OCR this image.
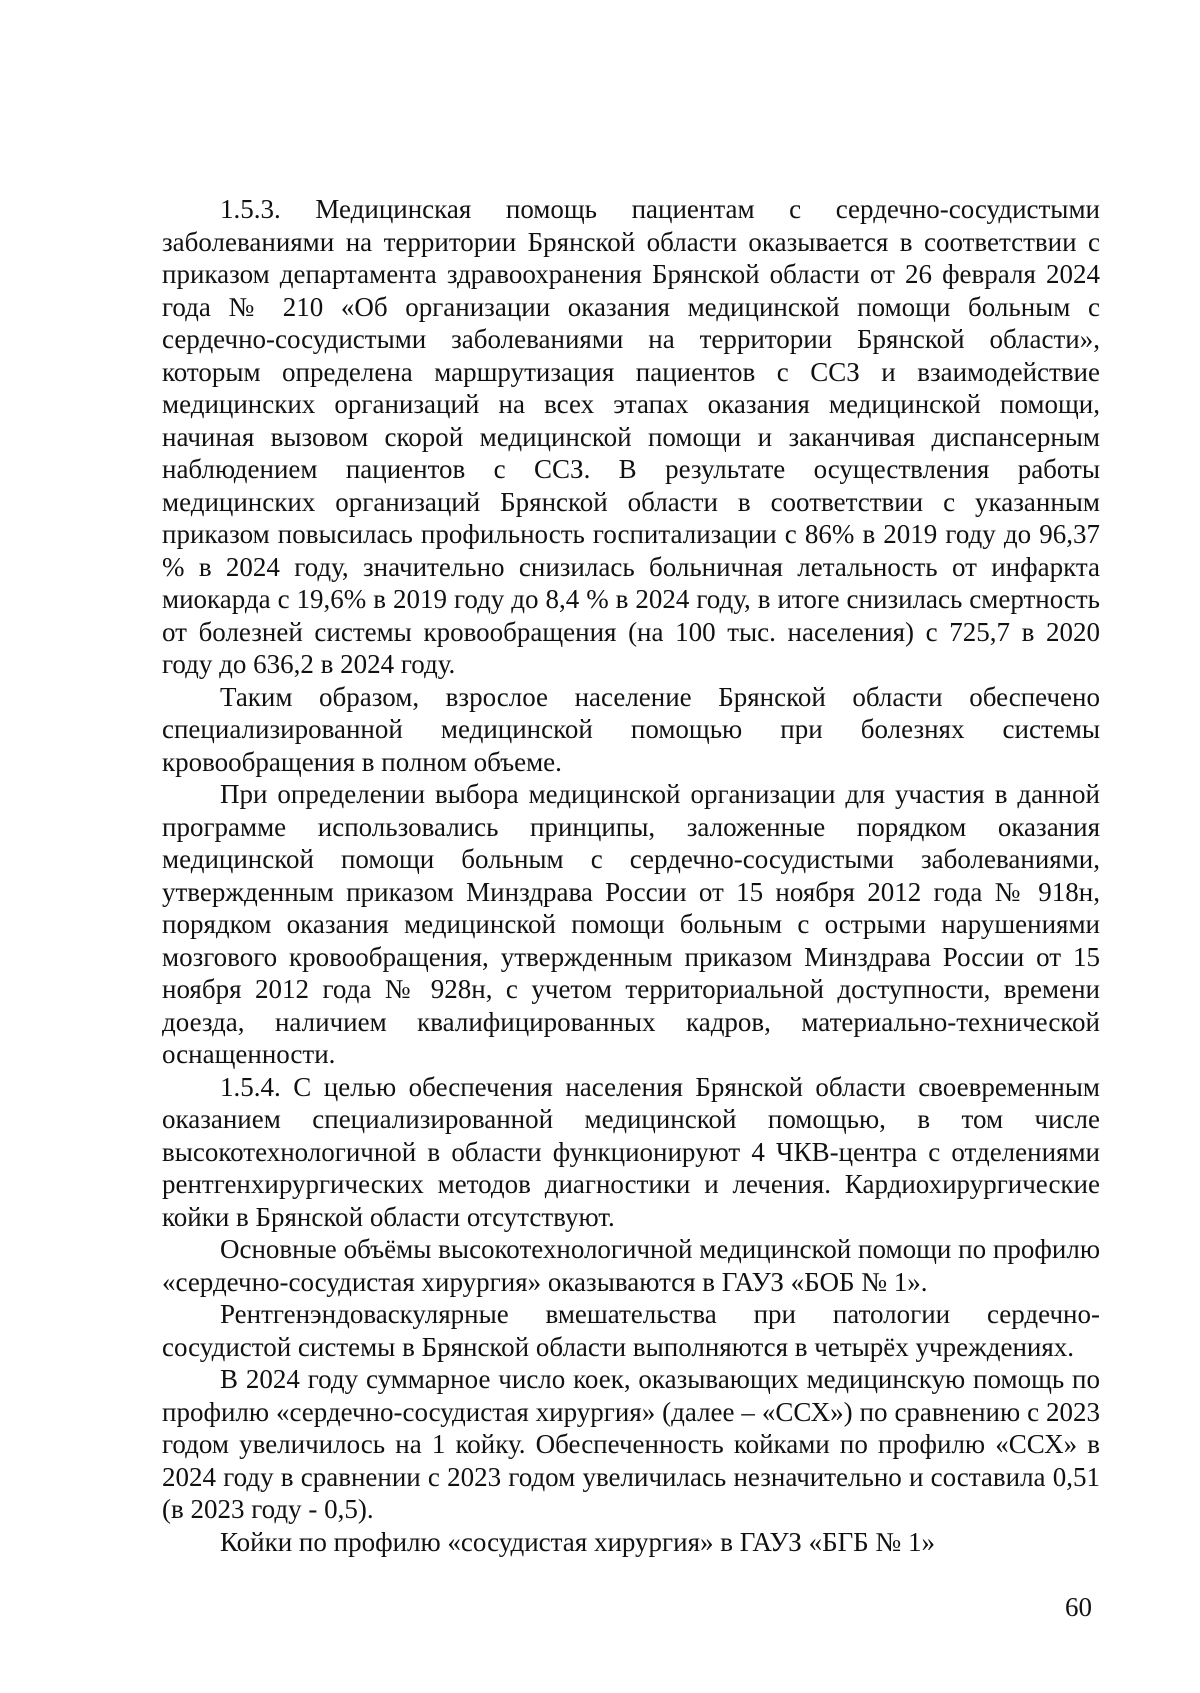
1.5.3. Медицинская помощь пациентам с сердечно-сосудистыми заболеваниями на территории Брянской области оказывается в соответствии с приказом департамента здравоохранения Брянской области от 26 февраля 2024 года № 210 «Об организации оказания медицинской помощи больным с сердечно-сосудистыми заболеваниями на территории Брянской области», которым определена маршрутизация пациентов с ССЗ и взаимодействие медицинских организаций на всех этапах оказания медицинской помощи, начиная вызовом скорой медицинской помощи и заканчивая диспансерным наблюдением пациентов с ССЗ. В результате осуществления работы медицинских организаций Брянской области в соответствии с указанным приказом повысилась профильность госпитализации с 86% в 2019 году до 96,37 % в 2024 году, значительно снизилась больничная летальность от инфаркта миокарда с 19,6% в 2019 году до 8,4 % в 2024 году, в итоге снизилась смертность от болезней системы кровообращения (на 100 тыс. населения) с 725,7 в 2020 году до 636,2 в 2024 году.

Таким образом, взрослое население Брянской области обеспечено специализированной медицинской помощью при болезнях системы кровообращения в полном объеме.

При определении выбора медицинской организации для участия в данной программе использовались принципы, заложенные порядком оказания медицинской помощи больным с сердечно-сосудистыми заболеваниями, утвержденным приказом Минздрава России от 15 ноября 2012 года № 918н, порядком оказания медицинской помощи больным с острыми нарушениями мозгового кровообращения, утвержденным приказом Минздрава России от 15 ноября 2012 года № 928н, с учетом территориальной доступности, времени доезда, наличием квалифицированных кадров, материально-технической оснащенности.

1.5.4. С целью обеспечения населения Брянской области своевременным оказанием специализированной медицинской помощью, в том числе высокотехнологичной в области функционируют 4 ЧКВ-центра с отделениями рентгенхирургических методов диагностики и лечения. Кардиохирургические койки в Брянской области отсутствуют.

Основные объёмы высокотехнологичной медицинской помощи по профилю «сердечно-сосудистая хирургия» оказываются в ГАУЗ «БОБ № 1».

Рентгенэндоваскулярные вмешательства при патологии сердечно-сосудистой системы в Брянской области выполняются в четырёх учреждениях.

В 2024 году суммарное число коек, оказывающих медицинскую помощь по профилю «сердечно-сосудистая хирургия» (далее – «ССХ») по сравнению с 2023 годом увеличилось на 1 койку. Обеспеченность койками по профилю «ССХ» в 2024 году в сравнении с 2023 годом увеличилась незначительно и составила 0,51 (в 2023 году - 0,5).

Койки по профилю «сосудистая хирургия» в ГАУЗ «БГБ № 1»

60
